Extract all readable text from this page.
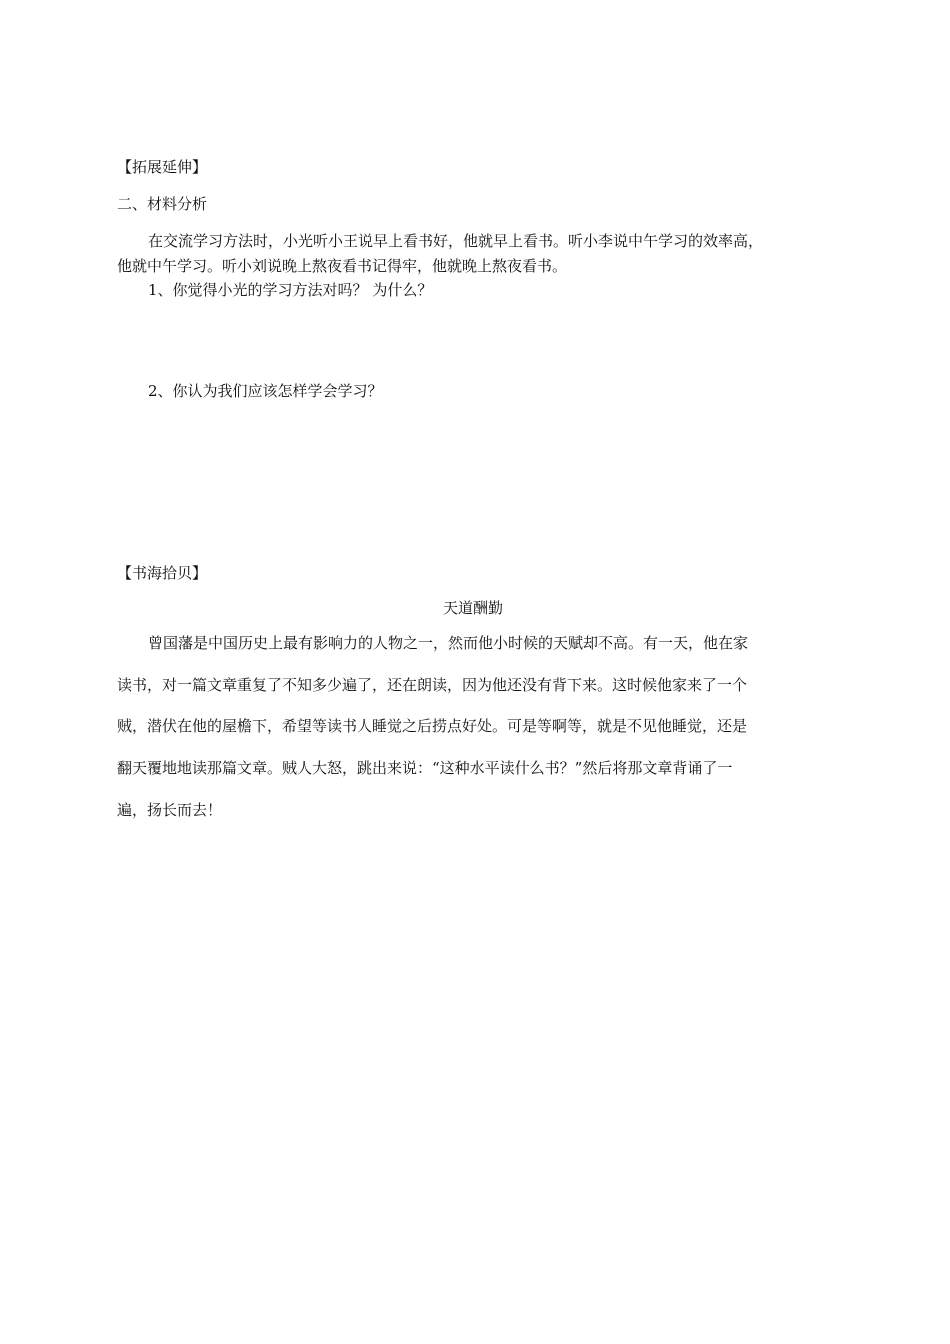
【拓展延伸】
二、材料分析
在交流学习方法时，小光听小王说早上看书好，他就早上看书。听小李说中午学习的效率高，
他就中午学习。听小刘说晚上熬夜看书记得牢，他就晚上熬夜看书。
1、你觉得小光的学习方法对吗？ 为什么？
2、你认为我们应该怎样学会学习？
【书海拾贝】
天道酬勤
曾国藩是中国历史上最有影响力的人物之一，然而他小时候的天赋却不高。有一天，他在家
读书，对一篇文章重复了不知多少遍了，还在朗读，因为他还没有背下来。这时候他家来了一个
贼，潜伏在他的屋檐下，希望等读书人睡觉之后捞点好处。可是等啊等，就是不见他睡觉，还是
翻天覆地地读那篇文章。贼人大怒，跳出来说：“这种水平读什么书？”然后将那文章背诵了一
遍，扬长而去！
